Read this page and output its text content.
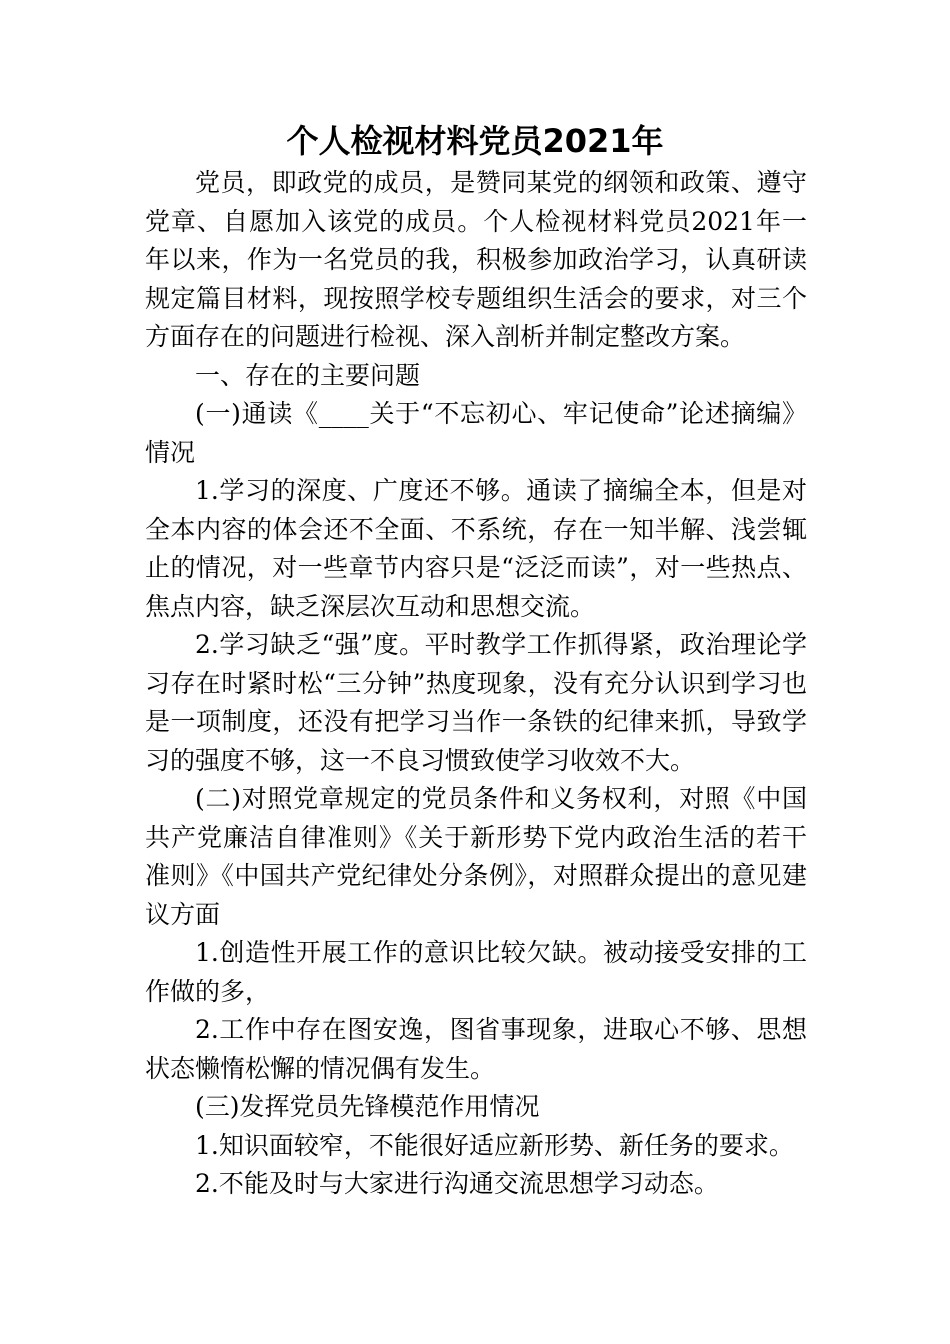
个人检视材料党员2021年

党员，即政党的成员，是赞同某党的纲领和政策、遵守党章、自愿加入该党的成员。个人检视材料党员2021年一年以来，作为一名党员的我，积极参加政治学习，认真研读规定篇目材料，现按照学校专题组织生活会的要求，对三个方面存在的问题进行检视、深入剖析并制定整改方案。

一、存在的主要问题

(一)通读《____关于“不忘初心、牢记使命”论述摘编》情况

1.学习的深度、广度还不够。通读了摘编全本，但是对全本内容的体会还不全面、不系统，存在一知半解、浅尝辄止的情况，对一些章节内容只是“泛泛而读”，对一些热点、焦点内容，缺乏深层次互动和思想交流。

2.学习缺乏“强”度。平时教学工作抓得紧，政治理论学习存在时紧时松“三分钟”热度现象，没有充分认识到学习也是一项制度，还没有把学习当作一条铁的纪律来抓，导致学习的强度不够，这一不良习惯致使学习收效不大。

(二)对照党章规定的党员条件和义务权利，对照《中国共产党廉洁自律准则》《关于新形势下党内政治生活的若干准则》《中国共产党纪律处分条例》，对照群众提出的意见建议方面

1.创造性开展工作的意识比较欠缺。被动接受安排的工作做的多，

2.工作中存在图安逸，图省事现象，进取心不够、思想状态懒惰松懈的情况偶有发生。

(三)发挥党员先锋模范作用情况

1.知识面较窄，不能很好适应新形势、新任务的要求。

2.不能及时与大家进行沟通交流思想学习动态。
